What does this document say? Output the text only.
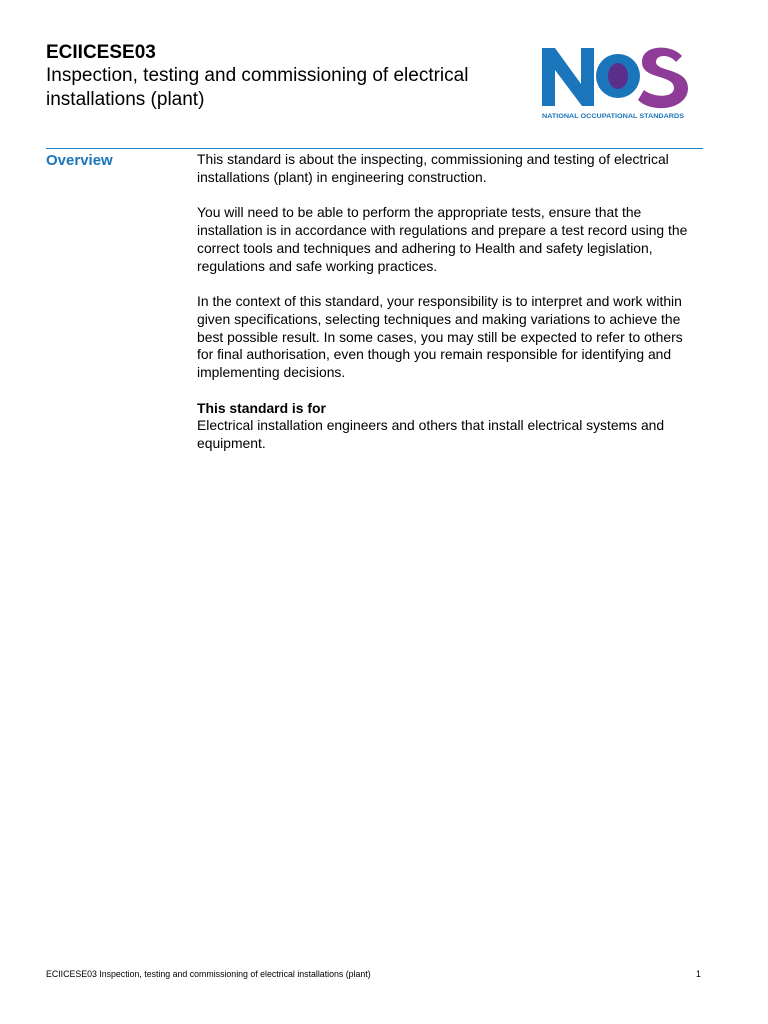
ECIICESE03
Inspection, testing and commissioning of electrical installations (plant)
NATIONAL OCCUPATIONAL STANDARDS
Overview	This standard is about the inspecting, commissioning and testing of electrical installations (plant) in engineering construction.

You will need to be able to perform the appropriate tests, ensure that the installation is in accordance with regulations and prepare a test record using the correct tools and techniques and adhering to Health and safety legislation, regulations and safe working practices.

In the context of this standard, your responsibility is to interpret and work within given specifications, selecting techniques and making variations to achieve the best possible result. In some cases, you may still be expected to refer to others for final authorisation, even though you remain responsible for identifying and implementing decisions.

This standard is for
Electrical installation engineers and others that install electrical systems and equipment.
ECIICESE03 Inspection, testing and commissioning of electrical installations (plant)	1
